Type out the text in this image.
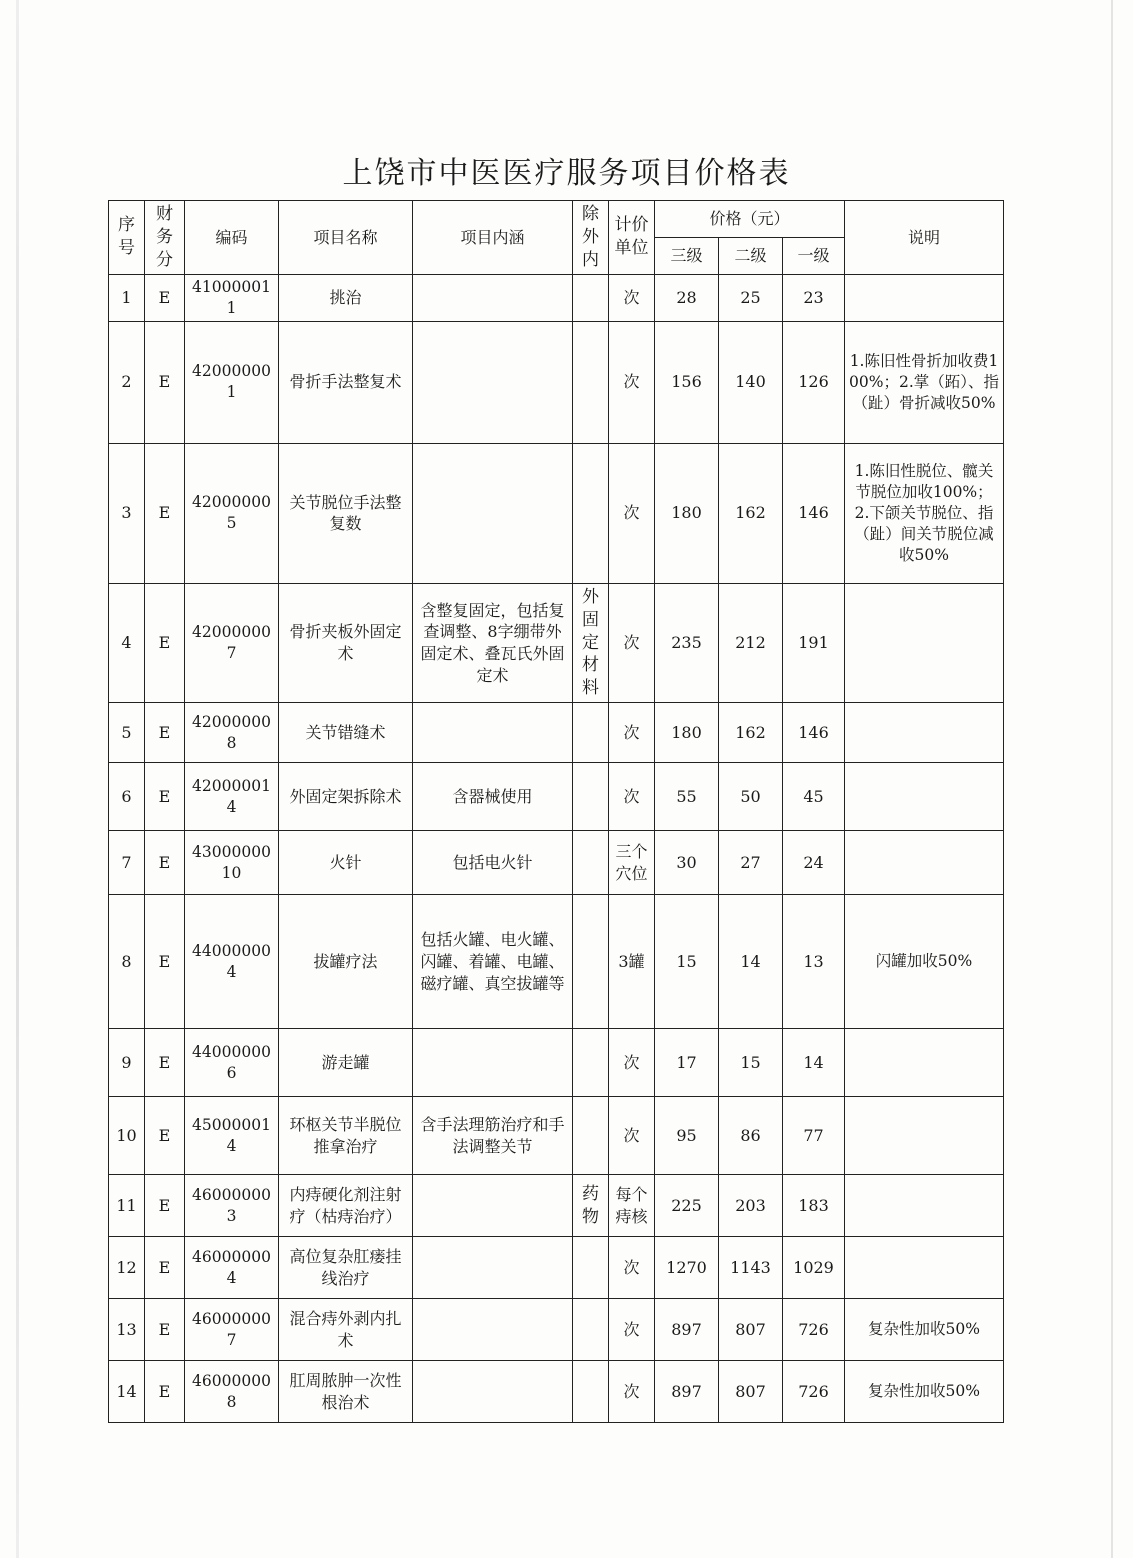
上饶市中医医疗服务项目价格表
序号	财务分	编码	项目名称	项目内涵	除外内	计价单位	价格（元）			说明
							三级	二级	一级	
1	E	410000011	挑治			次	28	25	23	
2	E	420000001	骨折手法整复术			次	156	140	126	1.陈旧性骨折加收费100%；2.掌（跖）、指（趾）骨折减收50%
3	E	420000005	关节脱位手法整复数			次	180	162	146	1.陈旧性脱位、髋关节脱位加收100%；2.下颌关节脱位、指（趾）间关节脱位减收50%
4	E	420000007	骨折夹板外固定术	含整复固定，包括复查调整、8字绷带外固定术、叠瓦氏外固定术	外固定材料	次	235	212	191	
5	E	420000008	关节错缝术			次	180	162	146	
6	E	420000014	外固定架拆除术	含器械使用		次	55	50	45	
7	E	4300000010	火针	包括电火针		三个穴位	30	27	24	
8	E	440000004	拔罐疗法	包括火罐、电火罐、闪罐、着罐、电罐、磁疗罐、真空拔罐等		3罐	15	14	13	闪罐加收50%
9	E	440000006	游走罐			次	17	15	14	
10	E	450000014	环枢关节半脱位推拿治疗	含手法理筋治疗和手法调整关节		次	95	86	77	
11	E	460000003	内痔硬化剂注射疗（枯痔治疗）		药物	每个痔核	225	203	183	
12	E	460000004	高位复杂肛瘘挂线治疗			次	1270	1143	1029	
13	E	460000007	混合痔外剥内扎术			次	897	807	726	复杂性加收50%
14	E	460000008	肛周脓肿一次性根治术			次	897	807	726	复杂性加收50%
